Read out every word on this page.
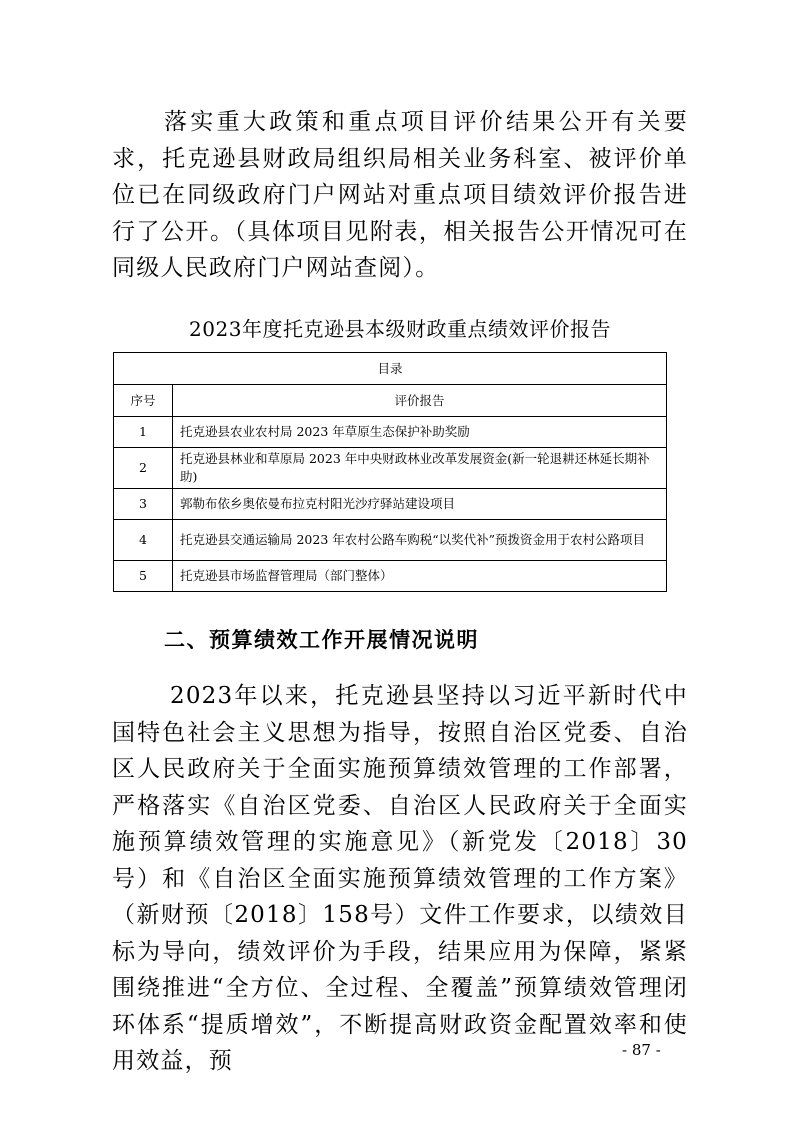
落实重大政策和重点项目评价结果公开有关要求，托克逊县财政局组织局相关业务科室、被评价单位已在同级政府门户网站对重点项目绩效评价报告进行了公开。（具体项目见附表，相关报告公开情况可在同级人民政府门户网站查阅）。

2023年度托克逊县本级财政重点绩效评价报告

目录	
序号	评价报告
1	托克逊县农业农村局 2023 年草原生态保护补助奖励
2	托克逊县林业和草原局 2023 年中央财政林业改革发展资金(新一轮退耕还林延长期补助)
3	郭勒布依乡奥依曼布拉克村阳光沙疗驿站建设项目
4	托克逊县交通运输局 2023 年农村公路车购税“以奖代补”预拨资金用于农村公路项目
5	托克逊县市场监督管理局（部门整体）
二、预算绩效工作开展情况说明

2023年以来，托克逊县坚持以习近平新时代中国特色社会主义思想为指导，按照自治区党委、自治区人民政府关于全面实施预算绩效管理的工作部署，严格落实《自治区党委、自治区人民政府关于全面实施预算绩效管理的实施意见》（新党发〔2018〕30号）和《自治区全面实施预算绩效管理的工作方案》（新财预〔2018〕158号）文件工作要求，以绩效目标为导向，绩效评价为手段，结果应用为保障，紧紧围绕推进“全方位、全过程、全覆盖”预算绩效管理闭环体系“提质增效”，不断提高财政资金配置效率和使用效益，预	- 87 -
